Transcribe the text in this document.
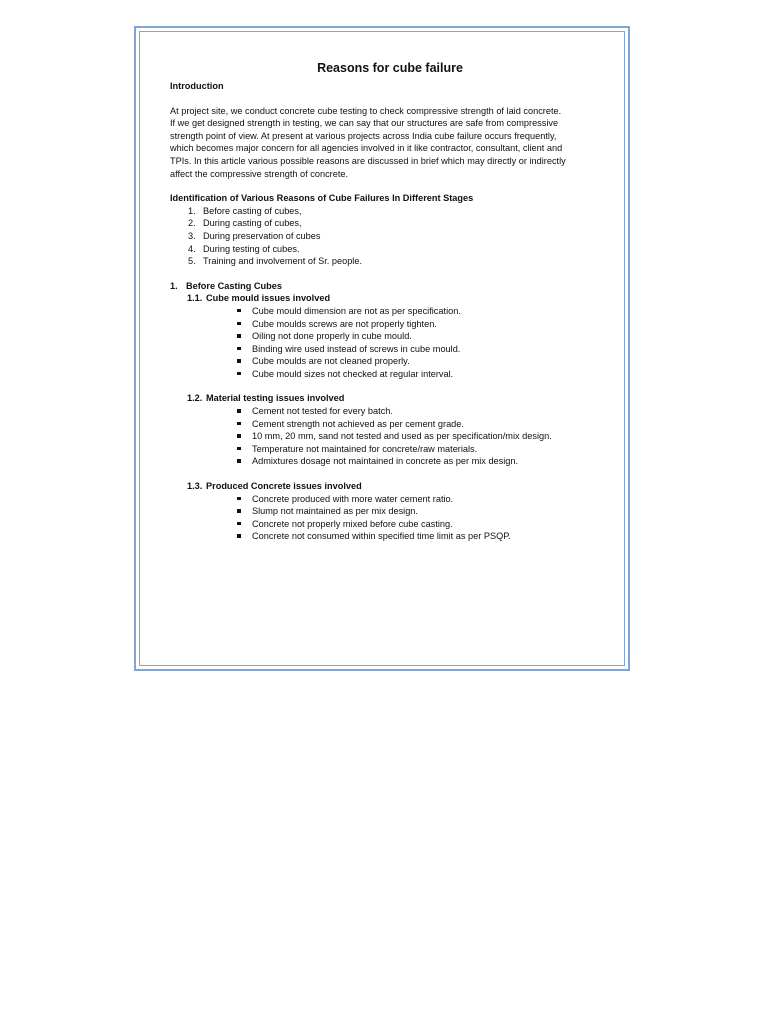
Reasons for cube failure
Introduction
At project site, we conduct concrete cube testing to check compressive strength of laid concrete.
If we get designed strength in testing, we can say that our structures are safe from compressive
strength point of view. At present at various projects across India cube failure occurs frequently,
which becomes major concern for all agencies involved in it like contractor, consultant, client and
TPIs. In this article various possible reasons are discussed in brief which may directly or indirectly
affect the compressive strength of concrete.
Identification of Various Reasons of Cube Failures In Different Stages
1. Before casting of cubes,
2. During casting of cubes,
3. During preservation of cubes
4. During testing of cubes.
5. Training and involvement of Sr. people.
1. Before Casting Cubes
1.1. Cube mould issues involved
Cube mould dimension are not as per specification.
Cube moulds screws are not properly tighten.
Oiling not done properly in cube mould.
Binding wire used instead of screws in cube mould.
Cube moulds are not cleaned properly.
Cube mould sizes not checked at regular interval.
1.2. Material testing issues involved
Cement not tested for every batch.
Cement strength not achieved as per cement grade.
10 mm, 20 mm, sand not tested and used as per specification/mix design.
Temperature not maintained for concrete/raw materials.
Admixtures dosage not maintained in concrete as per mix design.
1.3. Produced Concrete issues involved
Concrete produced with more water cement ratio.
Slump not maintained as per mix design.
Concrete not properly mixed before cube casting.
Concrete not consumed within specified time limit as per PSQP.
